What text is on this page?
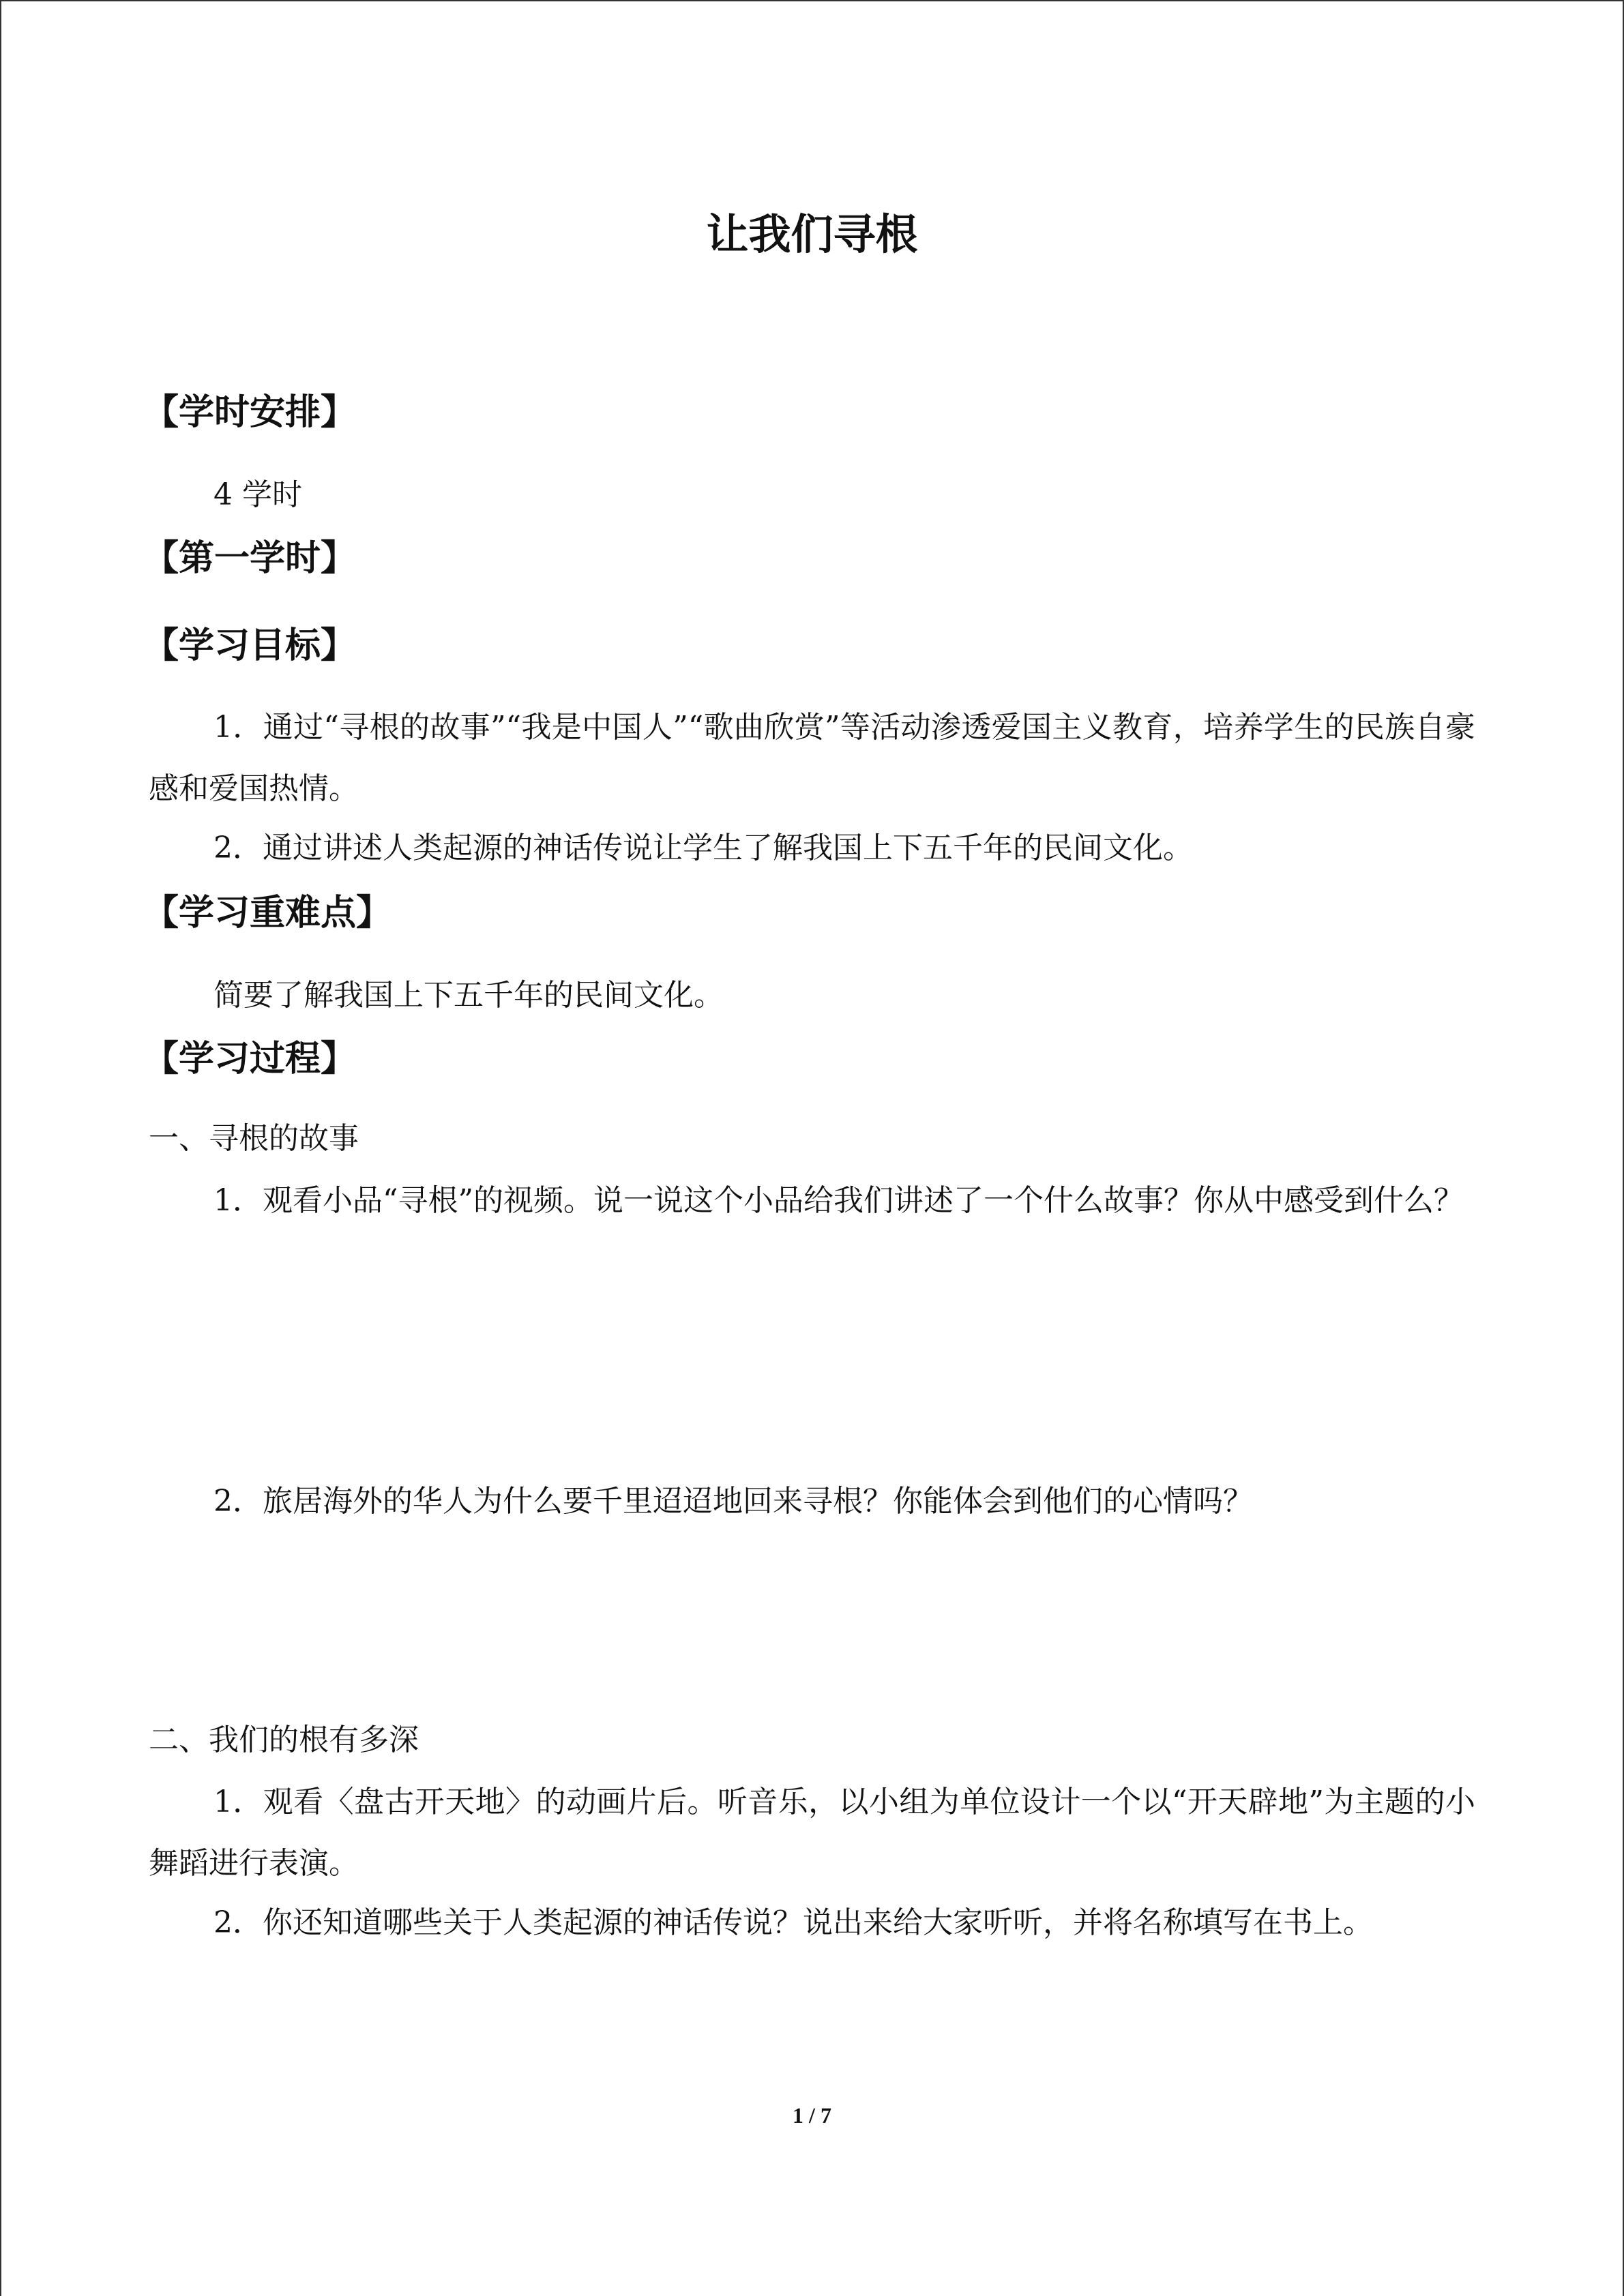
让我们寻根
【学时安排】
4 学时
【第一学时】
【学习目标】
1．通过“寻根的故事”“我是中国人”“歌曲欣赏”等活动渗透爱国主义教育，培养学生的民族自豪感和爱国热情。
2．通过讲述人类起源的神话传说让学生了解我国上下五千年的民间文化。
【学习重难点】
简要了解我国上下五千年的民间文化。
【学习过程】
一、寻根的故事
1．观看小品“寻根”的视频。说一说这个小品给我们讲述了一个什么故事？你从中感受到什么？
2．旅居海外的华人为什么要千里迢迢地回来寻根？你能体会到他们的心情吗？
二、我们的根有多深
1．观看〈盘古开天地〉的动画片后。听音乐，以小组为单位设计一个以“开天辟地”为主题的小舞蹈进行表演。
2．你还知道哪些关于人类起源的神话传说？说出来给大家听听，并将名称填写在书上。
1 / 7
